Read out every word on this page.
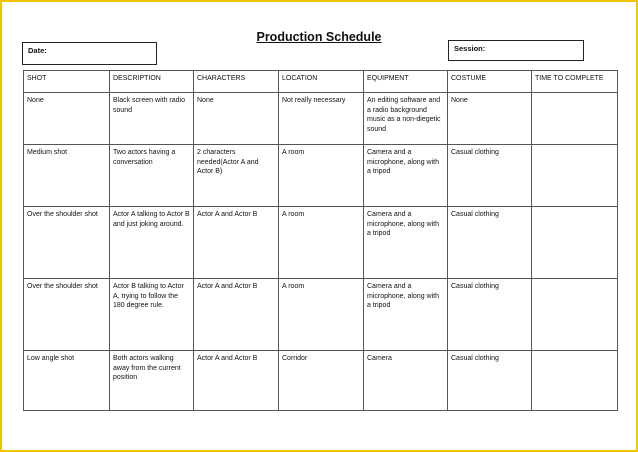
Production Schedule
Date:	Session:
SHOT	DESCRIPTION	CHARACTERS	LOCATION	EQUIPMENT	COSTUME	TIME TO COMPLETE
None	Black screen with radio sound	None	Not really necessary	An editing software and a radio background music as a non-diegetic sound	None	
Medium shot	Two actors having a conversation	2 characters needed(Actor A and Actor B)	A room	Camera and a microphone, along with a tripod	Casual clothing	
Over the shoulder shot	Actor A talking to Actor B and just joking around.	Actor A and Actor B	A room	Camera and a microphone, along with a tripod	Casual clothing	
Over the shoulder shot	Actor B talking to Actor A, trying to follow the 180 degree rule.	Actor A and Actor B	A room	Camera and a microphone, along with a tripod	Casual clothing	
Low angle shot	Both actors walking away from the current position	Actor A and Actor B	Corridor	Camera	Casual clothing	
